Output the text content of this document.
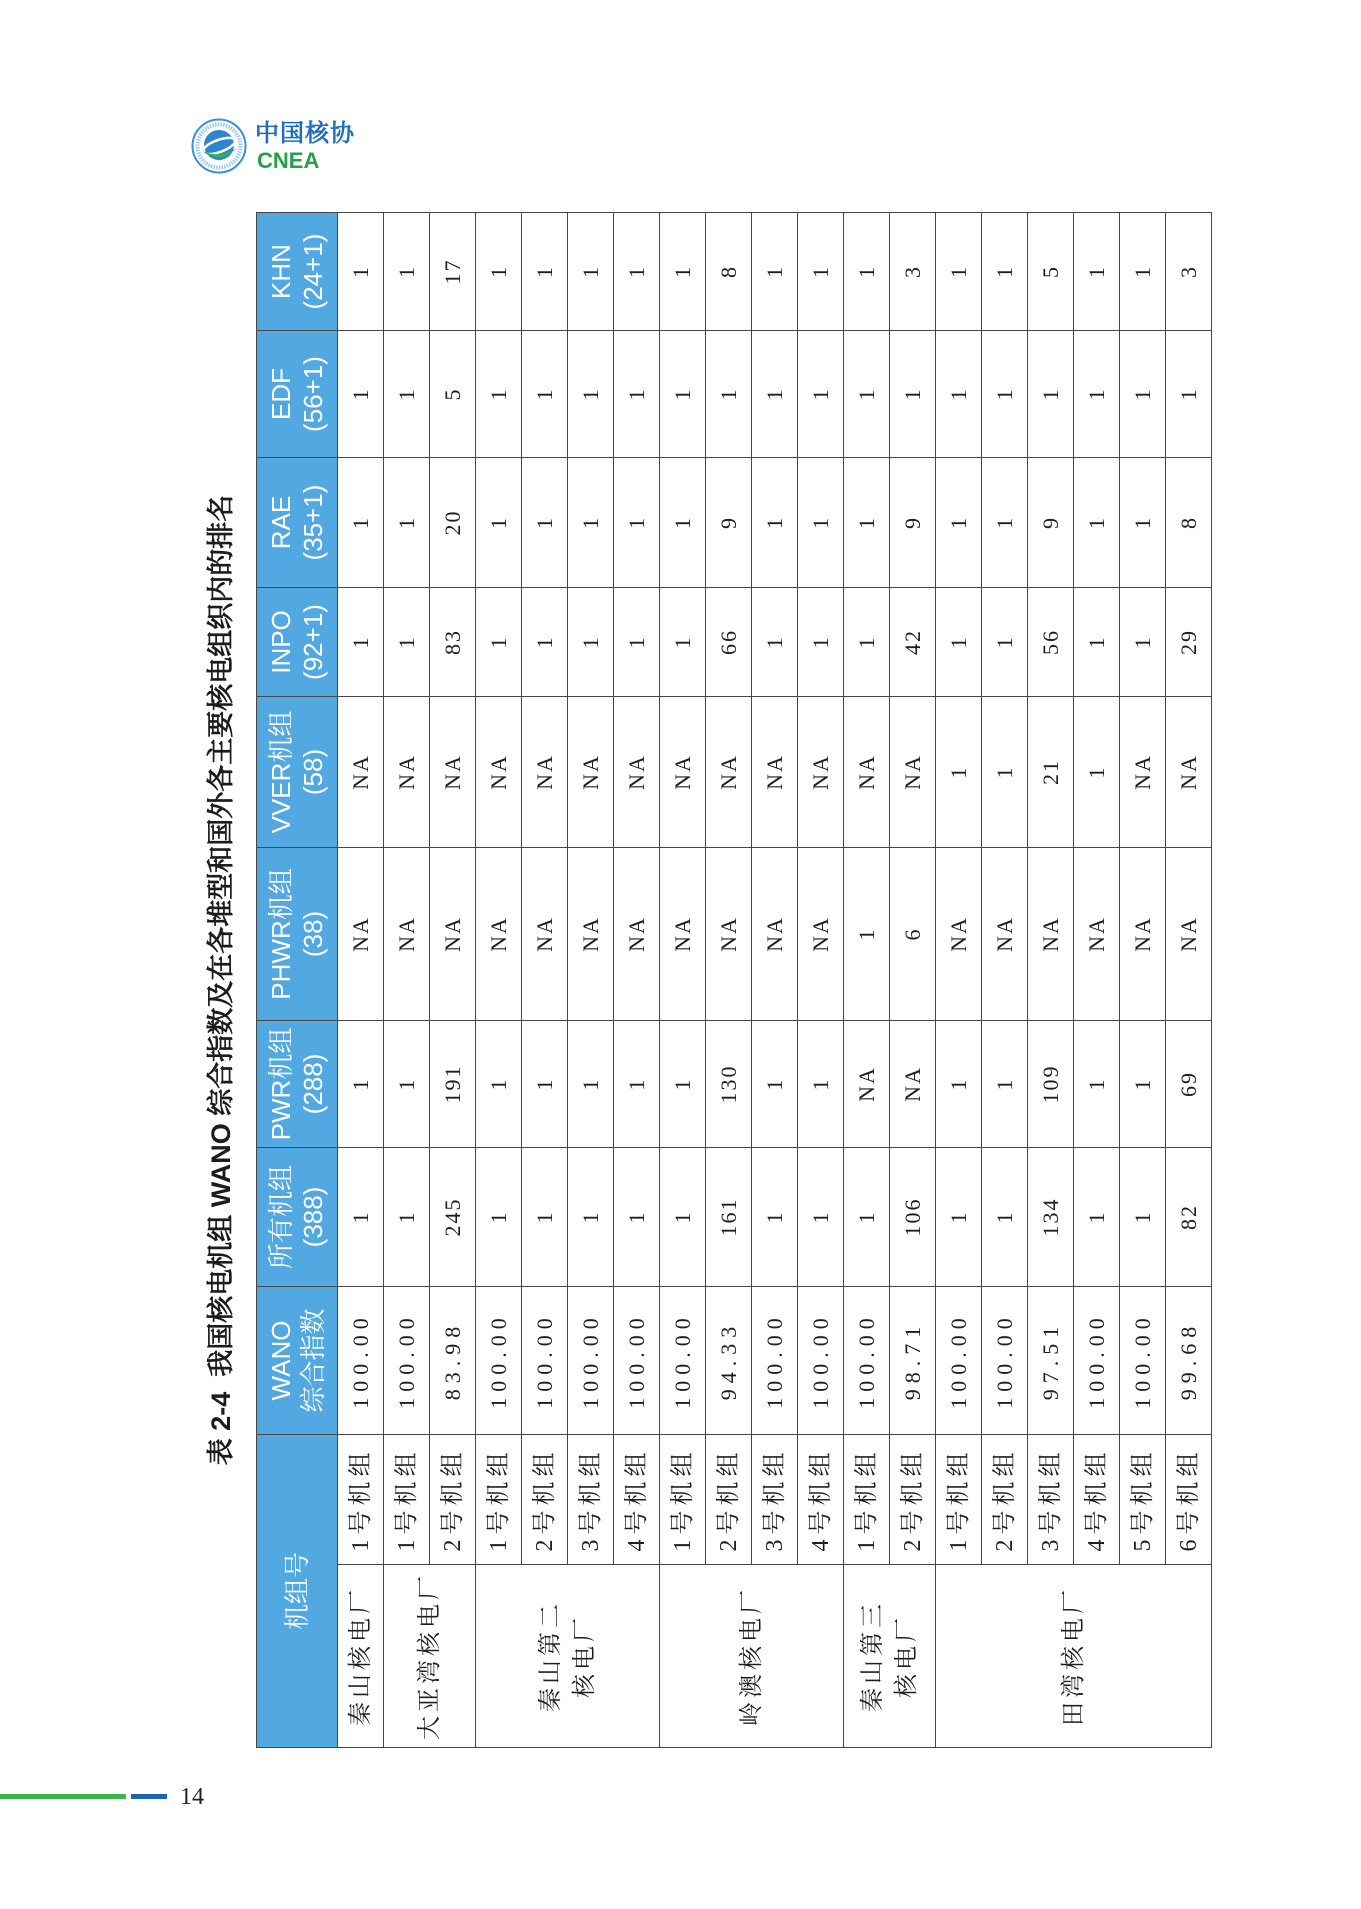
中国核协
CNEA
表 2-4  我国核电机组 WANO 综合指数及在各堆型和国外各主要核电组织内的排名
机组号		WANO 综合指数	所有机组 (388)	PWR机组 (288)	PHWR机组 (38)	VVER机组 (58)	INPO (92+1)	RAE (35+1)	EDF (56+1)	KHN (24+1)

秦山核电厂	1号机组	100.00	1	1	NA	NA	1	1	1	1

大亚湾核电厂	1号机组	100.00	1	1	NA	NA	1	1	1	1
	2号机组	83.98	245	191	NA	NA	83	20	5	17

秦山第二 核电厂	1号机组	100.00	1	1	NA	NA	1	1	1	1
	2号机组	100.00	1	1	NA	NA	1	1	1	1
	3号机组	100.00	1	1	NA	NA	1	1	1	1
	4号机组	100.00	1	1	NA	NA	1	1	1	1

岭澳核电厂	1号机组	100.00	1	1	NA	NA	1	1	1	1
	2号机组	94.33	161	130	NA	NA	66	9	1	8
	3号机组	100.00	1	1	NA	NA	1	1	1	1
	4号机组	100.00	1	1	NA	NA	1	1	1	1

秦山第三 核电厂	1号机组	100.00	1	NA	1	NA	1	1	1	1
	2号机组	98.71	106	NA	6	NA	42	9	1	3

田湾核电厂	1号机组	100.00	1	1	NA	1	1	1	1	1
	2号机组	100.00	1	1	NA	1	1	1	1	1
	3号机组	97.51	134	109	NA	21	56	9	1	5
	4号机组	100.00	1	1	NA	1	1	1	1	1
	5号机组	100.00	1	1	NA	NA	1	1	1	1
	6号机组	99.68	82	69	NA	NA	29	8	1	3
14
